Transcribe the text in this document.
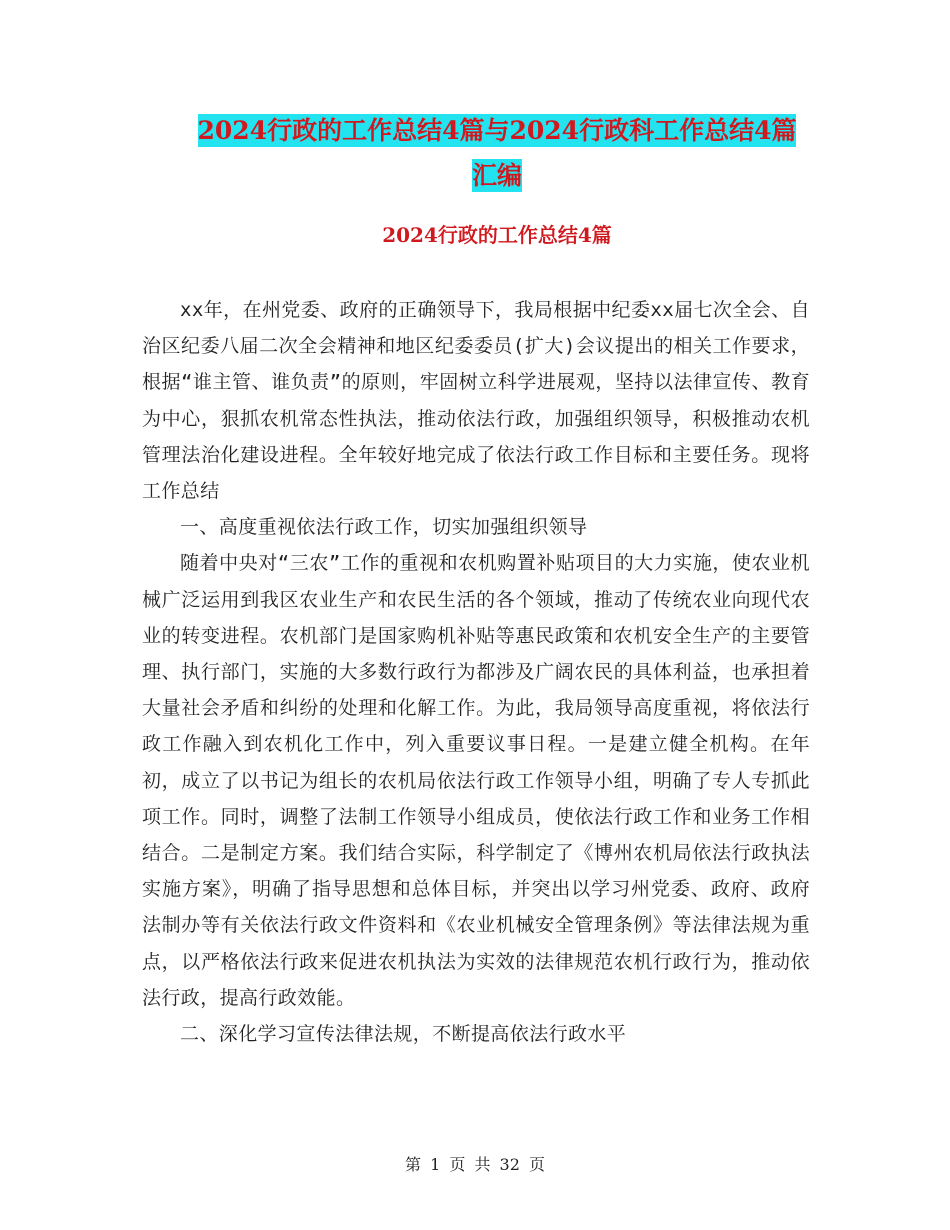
2024行政的工作总结4篇与2024行政科工作总结4篇
汇编
2024行政的工作总结4篇

xx年，在州党委、政府的正确领导下，我局根据中纪委xx届七次全会、自治区纪委八届二次全会精神和地区纪委委员(扩大)会议提出的相关工作要求，根据“谁主管、谁负责”的原则，牢固树立科学进展观，坚持以法律宣传、教育为中心，狠抓农机常态性执法，推动依法行政，加强组织领导，积极推动农机管理法治化建设进程。全年较好地完成了依法行政工作目标和主要任务。现将工作总结

一、高度重视依法行政工作，切实加强组织领导

随着中央对“三农”工作的重视和农机购置补贴项目的大力实施，使农业机械广泛运用到我区农业生产和农民生活的各个领域，推动了传统农业向现代农业的转变进程。农机部门是国家购机补贴等惠民政策和农机安全生产的主要管理、执行部门，实施的大多数行政行为都涉及广阔农民的具体利益，也承担着大量社会矛盾和纠纷的处理和化解工作。为此，我局领导高度重视，将依法行政工作融入到农机化工作中，列入重要议事日程。一是建立健全机构。在年初，成立了以书记为组长的农机局依法行政工作领导小组，明确了专人专抓此项工作。同时，调整了法制工作领导小组成员，使依法行政工作和业务工作相结合。二是制定方案。我们结合实际，科学制定了《博州农机局依法行政执法实施方案》，明确了指导思想和总体目标，并突出以学习州党委、政府、政府法制办等有关依法行政文件资料和《农业机械安全管理条例》等法律法规为重点，以严格依法行政来促进农机执法为实效的法律规范农机行政行为，推动依法行政，提高行政效能。

二、深化学习宣传法律法规，不断提高依法行政水平

第 1 页 共 32 页
